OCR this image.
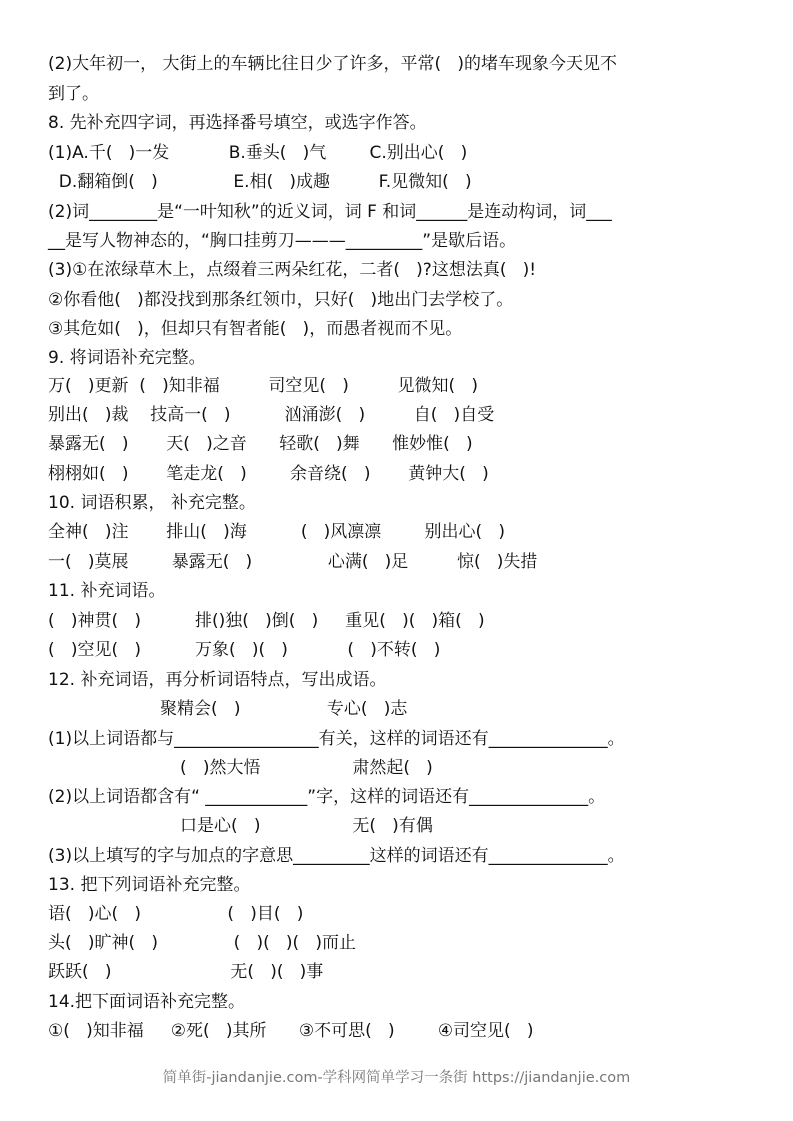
(2)大年初一， 大街上的车辆比往日少了许多，平常(   )的堵车现象今天见不
到了。
8. 先补充四字词，再选择番号填空，或选字作答。
(1)A.千(   )一发           B.垂头(   )气        C.别出心(   )
D.翻箱倒(   )              E.相(   )成趣         F.见微知(   )
(2)词________是“一叶知秋”的近义词，词 F 和词______是连动构词，词___
__是写人物神态的，“胸口挂剪刀———_________”是歇后语。
(3)①在浓绿草木上，点缀着三两朵红花，二者(   )?这想法真(   )!
②你看他(   )都没找到那条红领巾，只好(   )地出门去学校了。
③其危如(   )，但却只有智者能(   )，而愚者视而不见。
9. 将词语补充完整。
万(   )更新  (   )知非福         司空见(   )         见微知(   )
别出(   )裁    技高一(   )          汹涌澎(   )         自(   )自受
暴露无(   )       天(   )之音      轻歌(   )舞      惟妙惟(   )
栩栩如(   )       笔走龙(   )        余音绕(   )       黄钟大(   )
10. 词语积累， 补充完整。
全神(   )注       排山(   )海          (   )风凛凛        别出心(   )
一(   )莫展        暴露无(   )              心满(   )足         惊(   )失措
11. 补充词语。
(   )神贯(   )          排()独(   )倒(   )     重见(   )(   )箱(   )
(   )空见(   )          万象(   )(   )           (   )不转(   )
12. 补充词语，再分析词语特点，写出成语。
聚精会(   )                专心(   )志
(1)以上词语都与_________________有关，这样的词语还有______________。
(   )然大悟                 肃然起(   )
(2)以上词语都含有“ ____________”字，这样的词语还有______________。
口是心(   )                 无(   )有偶
(3)以上填写的字与加点的字意思_________这样的词语还有______________。
13. 把下列词语补充完整。
语(   )心(   )                (   )目(   )
头(   )旷神(   )              (   )(   )(   )而止
跃跃(   )                      无(   )(   )事
14.把下面词语补充完整。
①(   )知非福     ②死(   )其所      ③不可思(   )        ④司空见(   )
简单街-jiandanjie.com-学科网简单学习一条街 https://jiandanjie.com
